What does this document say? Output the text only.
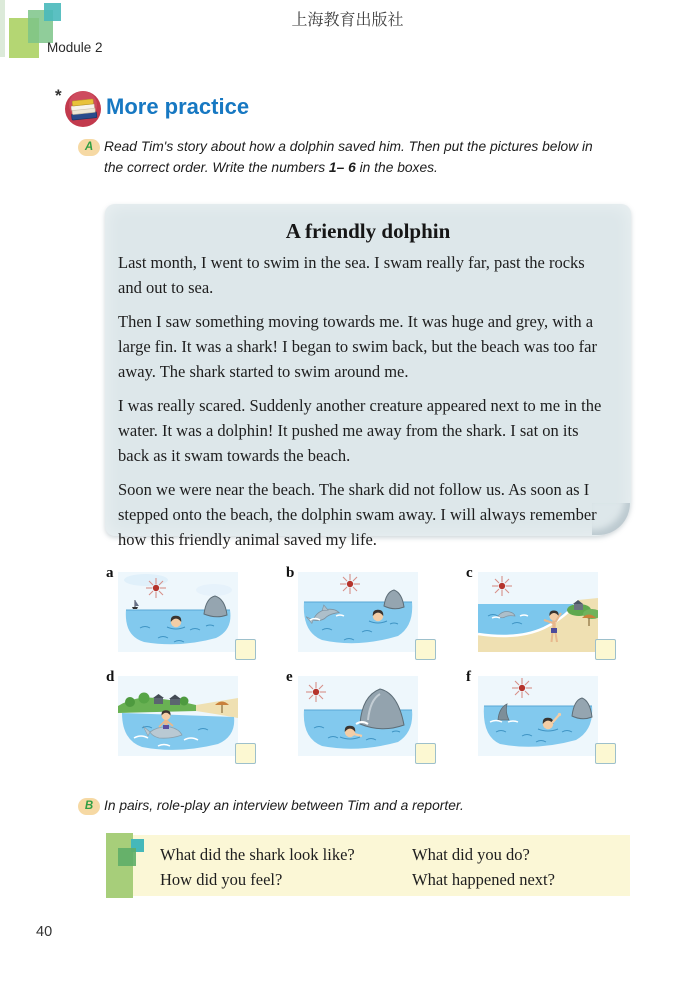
上海教育出版社
Module 2
* More practice
A Read Tim's story about how a dolphin saved him. Then put the pictures below in
the correct order. Write the numbers 1– 6 in the boxes.
A friendly dolphin

Last month, I went to swim in the sea. I swam really far, past the rocks and out to sea.

Then I saw something moving towards me. It was huge and grey, with a large fin. It was a shark! I began to swim back, but the beach was too far away. The shark started to swim around me.

I was really scared. Suddenly another creature appeared next to me in the water. It was a dolphin! It pushed me away from the shark. I sat on its back as it swam towards the beach.

Soon we were near the beach. The shark did not follow us. As soon as I stepped onto the beach, the dolphin swam away. I will always remember how this friendly animal saved my life.

a	b	c
d	e	f
B In pairs, role-play an interview between Tim and a reporter.
What did the shark look like?
How did you feel?
What did you do?
What happened next?
40
